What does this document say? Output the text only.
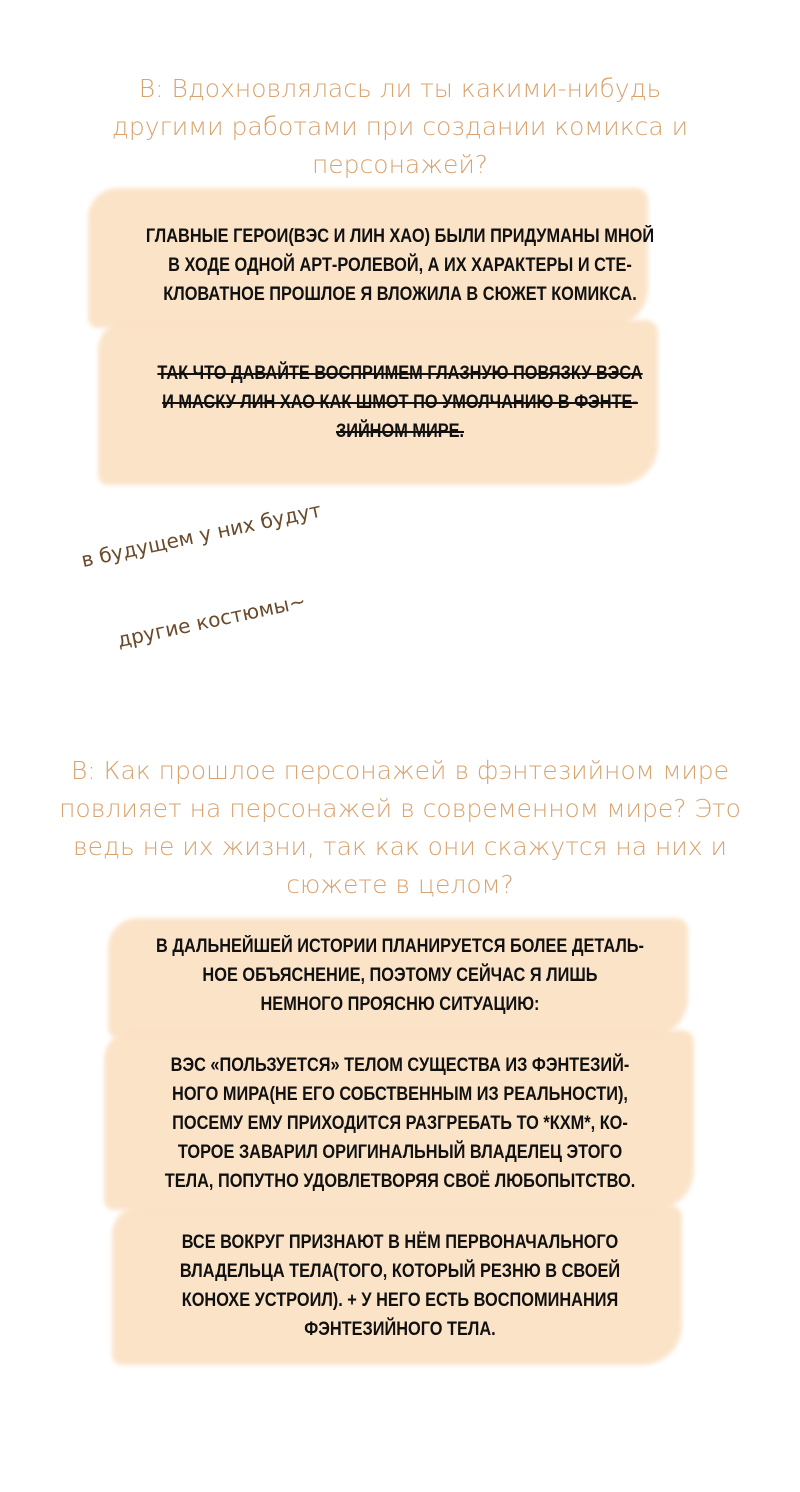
В: Вдохновлялась ли ты какими-нибудь другими работами при создании комикса и персонажей?

ГЛАВНЫЕ ГЕРОИ(ВЭС И ЛИН ХАО) БЫЛИ ПРИДУМАНЫ МНОЙ
В ХОДЕ ОДНОЙ АРТ-РОЛЕВОЙ, А ИХ ХАРАКТЕРЫ И СТЕ-
КЛОВАТНОЕ ПРОШЛОЕ Я ВЛОЖИЛА В СЮЖЕТ КОМИКСА.

ТАК ЧТО ДАВАЙТЕ ВОСПРИМЕМ ГЛАЗНУЮ ПОВЯЗКУ ВЭСА
И МАСКУ ЛИН ХАО КАК ШМОТ ПО УМОЛЧАНИЮ В ФЭНТЕ-
ЗИЙНОМ МИРЕ.

в будущем у них будут
другие костюмы~
В: Как прошлое персонажей в фэнтезийном мире повлияет на персонажей в современном мире? Это ведь не их жизни, так как они скажутся на них и сюжете в целом?

В ДАЛЬНЕЙШЕЙ ИСТОРИИ ПЛАНИРУЕТСЯ БОЛЕЕ ДЕТАЛЬ-
НОЕ ОБЪЯСНЕНИЕ, ПОЭТОМУ СЕЙЧАС Я ЛИШЬ
НЕМНОГО ПРОЯСНЮ СИТУАЦИЮ:

ВЭС «ПОЛЬЗУЕТСЯ» ТЕЛОМ СУЩЕСТВА ИЗ ФЭНТЕЗИЙ-
НОГО МИРА(НЕ ЕГО СОБСТВЕННЫМ ИЗ РЕАЛЬНОСТИ),
ПОСЕМУ ЕМУ ПРИХОДИТСЯ РАЗГРЕБАТЬ ТО *КХМ*, КО-
ТОРОЕ ЗАВАРИЛ ОРИГИНАЛЬНЫЙ ВЛАДЕЛЕЦ ЭТОГО
ТЕЛА, ПОПУТНО УДОВЛЕТВОРЯЯ СВОЁ ЛЮБОПЫТСТВО.

ВСЕ ВОКРУГ ПРИЗНАЮТ В НЁМ ПЕРВОНАЧАЛЬНОГО
ВЛАДЕЛЬЦА ТЕЛА(ТОГО, КОТОРЫЙ РЕЗНЮ В СВОЕЙ
КОНОХЕ УСТРОИЛ). + У НЕГО ЕСТЬ ВОСПОМИНАНИЯ
ФЭНТЕЗИЙНОГО ТЕЛА.
